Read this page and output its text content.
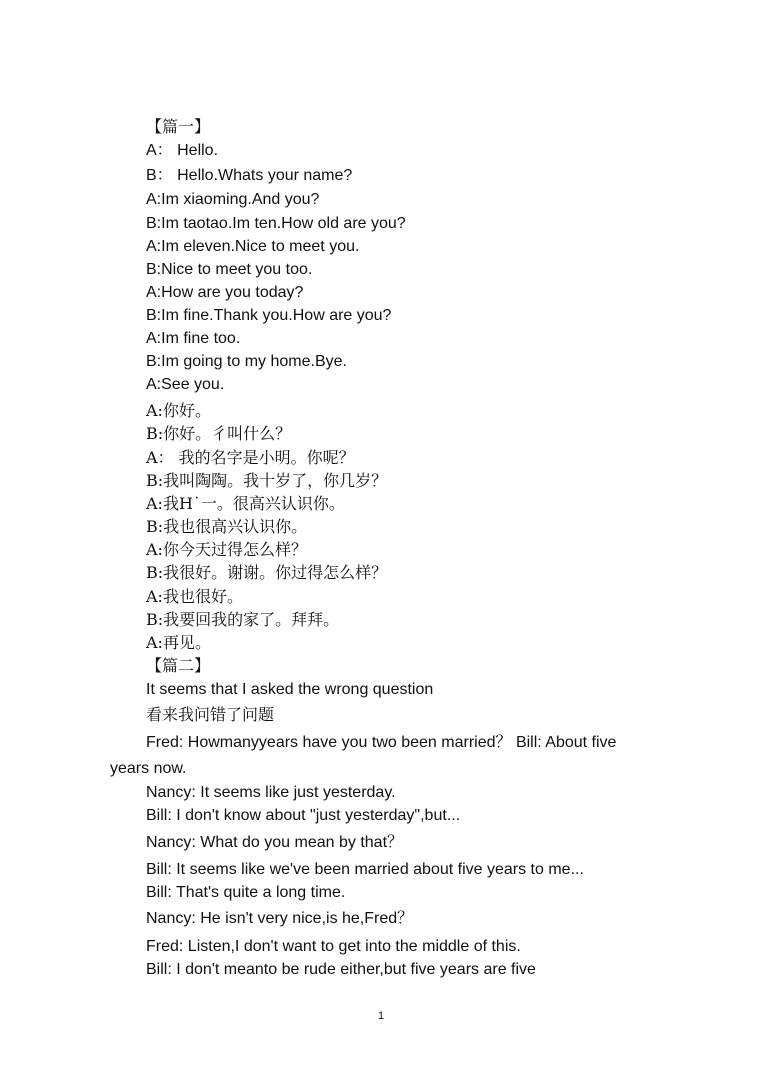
【篇一】
A： Hello.
B： Hello.Whats your name?
A:Im xiaoming.And you?
B:Im taotao.Im ten.How old are you?
A:Im eleven.Nice to meet you.
B:Nice to meet you too.
A:How are you today?
B:Im fine.Thank you.How are you?
A:Im fine too.
B:Im going to my home.Bye.
A:See you.
A:你好。
B:你好。彳叫什么？
A： 我的名字是小明。你呢？
B:我叫陶陶。我十岁了，你几岁？
A:我H˙一。很高兴认识你。
B:我也很高兴认识你。
A:你今天过得怎么样？
B:我很好。谢谢。你过得怎么样？
A:我也很好。
B:我要回我的家了。拜拜。
A:再见。
【篇二】
It seems that I asked the wrong question
看来我问错了问题
Fred: Howmanyyears have you two been married？ Bill: About five
years now.
Nancy: It seems like just yesterday.
Bill: I don't know about "just yesterday",but...
Nancy: What do you mean by that？
Bill: It seems like we've been married about five years to me...
Bill: That's quite a long time.
Nancy: He isn't very nice,is he,Fred？
Fred: Listen,I don't want to get into the middle of this.
Bill: I don't meanto be rude either,but five years are five
1
